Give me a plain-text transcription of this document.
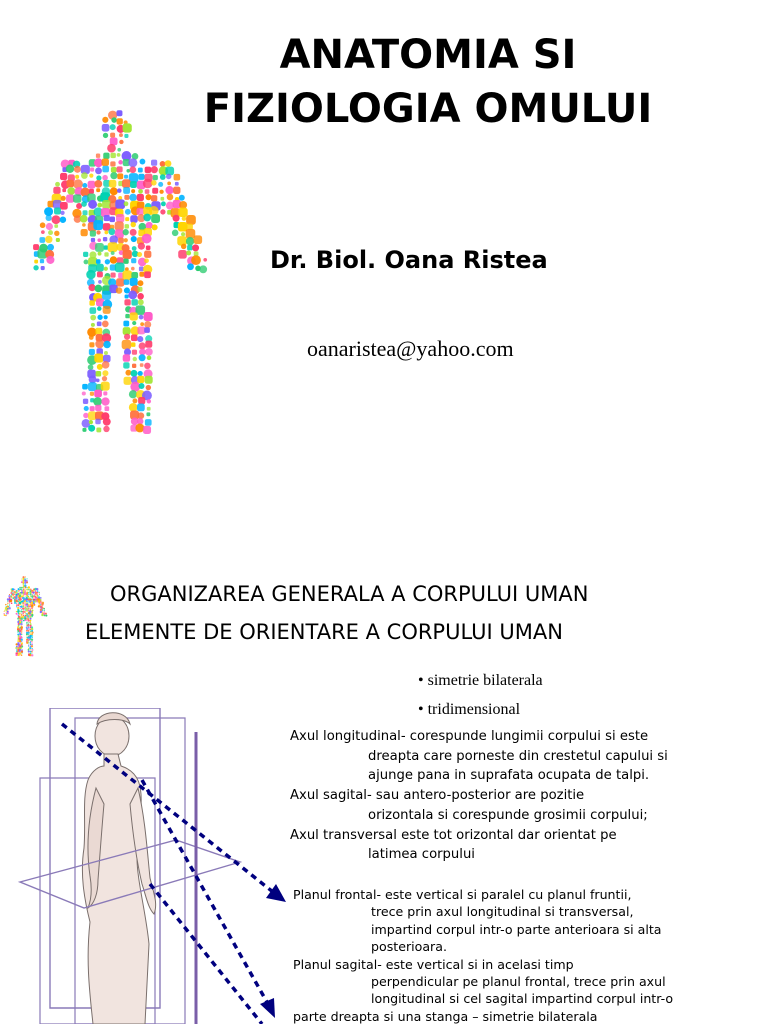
ANATOMIA SI
FIZIOLOGIA OMULUI
Dr. Biol. Oana Ristea
oanaristea@yahoo.com
ORGANIZAREA GENERALA A CORPULUI UMAN
ELEMENTE DE ORIENTARE A CORPULUI UMAN
• simetrie bilaterala
• tridimensional

Axul longitudinal- corespunde lungimii corpului si este

dreapta care porneste din crestetul capului si

ajunge pana in suprafata ocupata de talpi.

Axul sagital- sau antero-posterior are pozitie

orizontala si corespunde grosimii corpului;

Axul transversal este tot orizontal dar orientat pe

latimea corpului

Planul frontal- este vertical si paralel cu planul fruntii,

trece prin axul longitudinal si transversal,

impartind corpul intr-o parte anterioara si alta

posterioara.

Planul sagital- este vertical si in acelasi timp

perpendicular pe planul frontal, trece prin axul

longitudinal si cel sagital impartind corpul intr-o

parte dreapta si una stanga – simetrie bilaterala
